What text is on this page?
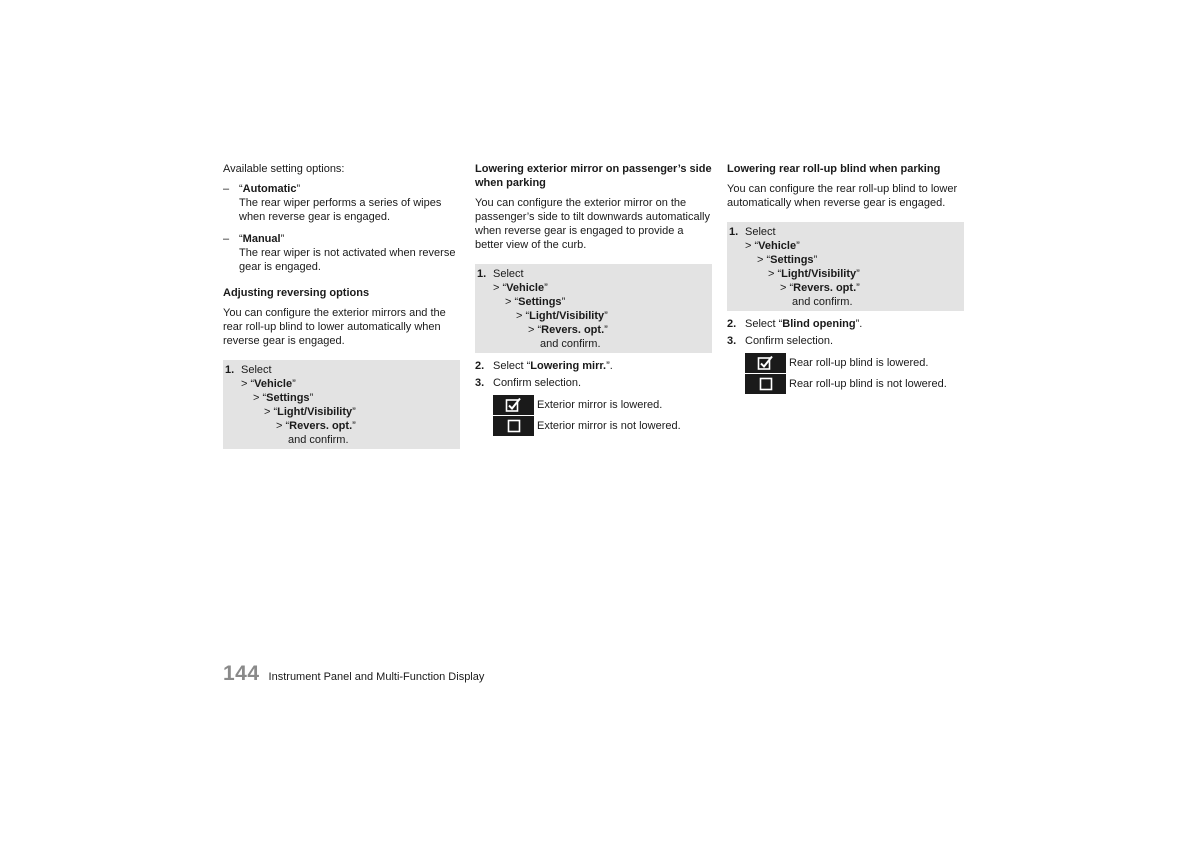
Available setting options:

– “Automatic”

The rear wiper performs a series of wipes when reverse gear is engaged.

– “Manual”

The rear wiper is not activated when reverse gear is engaged.

Adjusting reversing options

You can configure the exterior mirrors and the rear roll-up blind to lower automatically when reverse gear is engaged.

1. Select
> “Vehicle”
> “Settings”
> “Light/Visibility”
> “Revers. opt.”
and confirm.

Lowering exterior mirror on passenger’s side when parking

You can configure the exterior mirror on the passenger’s side to tilt downwards automatically when reverse gear is engaged to provide a better view of the curb.

1. Select
> “Vehicle”
> “Settings”
> “Light/Visibility”
> “Revers. opt.”
and confirm.
2. Select “Lowering mirr.”.
3. Confirm selection.
Exterior mirror is lowered.
Exterior mirror is not lowered.

Lowering rear roll-up blind when parking

You can configure the rear roll-up blind to lower automatically when reverse gear is engaged.

1. Select
> “Vehicle”
> “Settings”
> “Light/Visibility”
> “Revers. opt.”
and confirm.
2. Select “Blind opening”.
3. Confirm selection.
Rear roll-up blind is lowered.
Rear roll-up blind is not lowered.
144 Instrument Panel and Multi-Function Display
